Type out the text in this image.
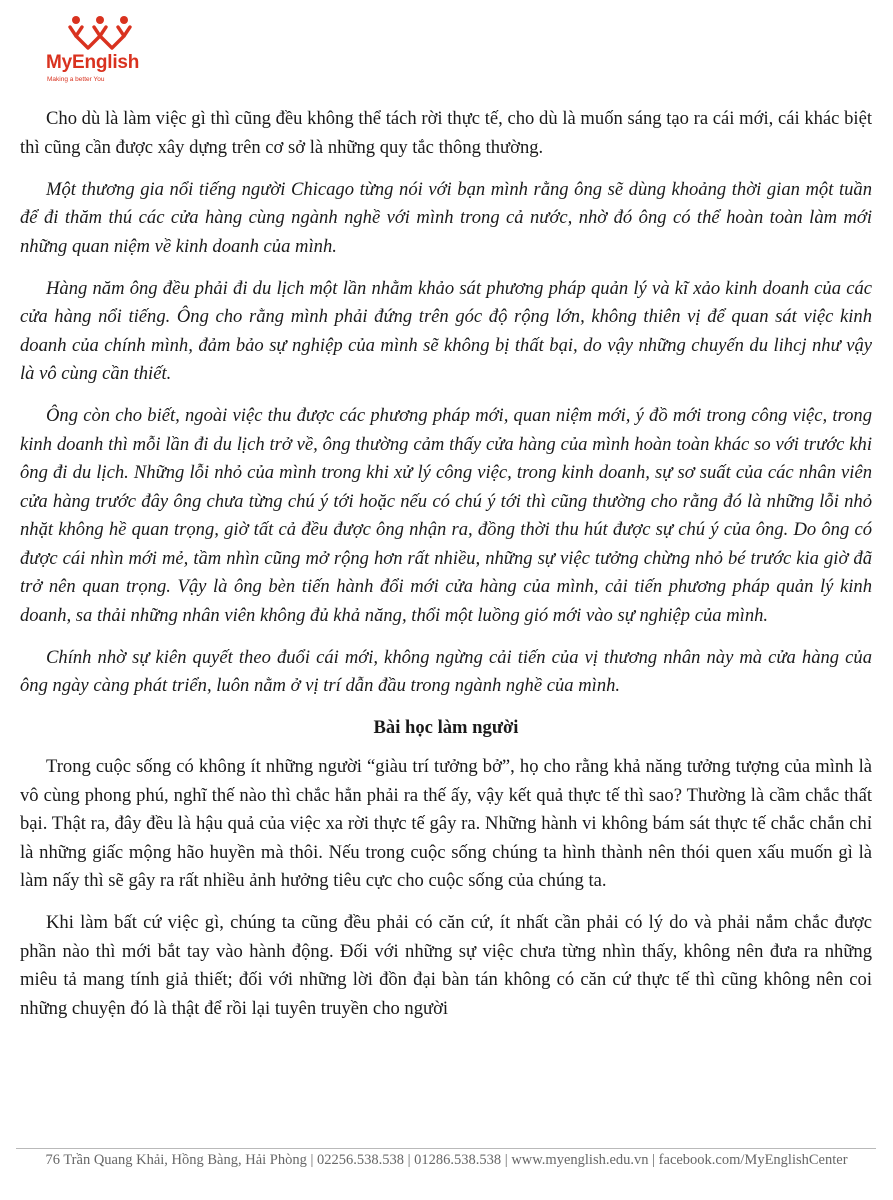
MyEnglish
Making a better You

Cho dù là làm việc gì thì cũng đều không thể tách rời thực tế, cho dù là muốn sáng tạo ra cái mới, cái khác biệt thì cũng cần được xây dựng trên cơ sở là những quy tắc thông thường.

Một thương gia nổi tiếng người Chicago từng nói với bạn mình rằng ông sẽ dùng khoảng thời gian một tuần để đi thăm thú các cửa hàng cùng ngành nghề với mình trong cả nước, nhờ đó ông có thể hoàn toàn làm mới những quan niệm về kinh doanh của mình.

Hàng năm ông đều phải đi du lịch một lần nhằm khảo sát phương pháp quản lý và kĩ xảo kinh doanh của các cửa hàng nổi tiếng. Ông cho rằng mình phải đứng trên góc độ rộng lớn, không thiên vị để quan sát việc kinh doanh của chính mình, đảm bảo sự nghiệp của mình sẽ không bị thất bại, do vậy những chuyến du lihcj như vậy là vô cùng cần thiết.

Ông còn cho biết, ngoài việc thu được các phương pháp mới, quan niệm mới, ý đồ mới trong công việc, trong kinh doanh thì mỗi lần đi du lịch trở về, ông thường cảm thấy cửa hàng của mình hoàn toàn khác so với trước khi ông đi du lịch. Những lỗi nhỏ của mình trong khi xử lý công việc, trong kinh doanh, sự sơ suất của các nhân viên cửa hàng trước đây ông chưa từng chú ý tới hoặc nếu có chú ý tới thì cũng thường cho rằng đó là những lỗi nhỏ nhặt không hề quan trọng, giờ tất cả đều được ông nhận ra, đồng thời thu hút được sự chú ý của ông. Do ông có được cái nhìn mới mẻ, tầm nhìn cũng mở rộng hơn rất nhiều, những sự việc tưởng chừng nhỏ bé trước kia giờ đã trở nên quan trọng. Vậy là ông bèn tiến hành đổi mới cửa hàng của mình, cải tiến phương pháp quản lý kinh doanh, sa thải những nhân viên không đủ khả năng, thổi một luồng gió mới vào sự nghiệp của mình.

Chính nhờ sự kiên quyết theo đuổi cái mới, không ngừng cải tiến của vị thương nhân này mà cửa hàng của ông ngày càng phát triển, luôn nằm ở vị trí dẫn đầu trong ngành nghề của mình.

Bài học làm người

Trong cuộc sống có không ít những người “giàu trí tưởng bở”, họ cho rằng khả năng tưởng tượng của mình là vô cùng phong phú, nghĩ thế nào thì chắc hẳn phải ra thế ấy, vậy kết quả thực tế thì sao? Thường là cầm chắc thất bại. Thật ra, đây đều là hậu quả của việc xa rời thực tế gây ra. Những hành vi không bám sát thực tế chắc chắn chỉ là những giấc mộng hão huyền mà thôi. Nếu trong cuộc sống chúng ta hình thành nên thói quen xấu muốn gì là làm nấy thì sẽ gây ra rất nhiều ảnh hưởng tiêu cực cho cuộc sống của chúng ta.

Khi làm bất cứ việc gì, chúng ta cũng đều phải có căn cứ, ít nhất cần phải có lý do và phải nắm chắc được phần nào thì mới bắt tay vào hành động. Đối với những sự việc chưa từng nhìn thấy, không nên đưa ra những miêu tả mang tính giả thiết; đối với những lời đồn đại bàn tán không có căn cứ thực tế thì cũng không nên coi những chuyện đó là thật để rồi lại tuyên truyền cho người

76 Trần Quang Khải, Hồng Bàng, Hải Phòng | 02256.538.538 | 01286.538.538 | www.myenglish.edu.vn | facebook.com/MyEnglishCenter
